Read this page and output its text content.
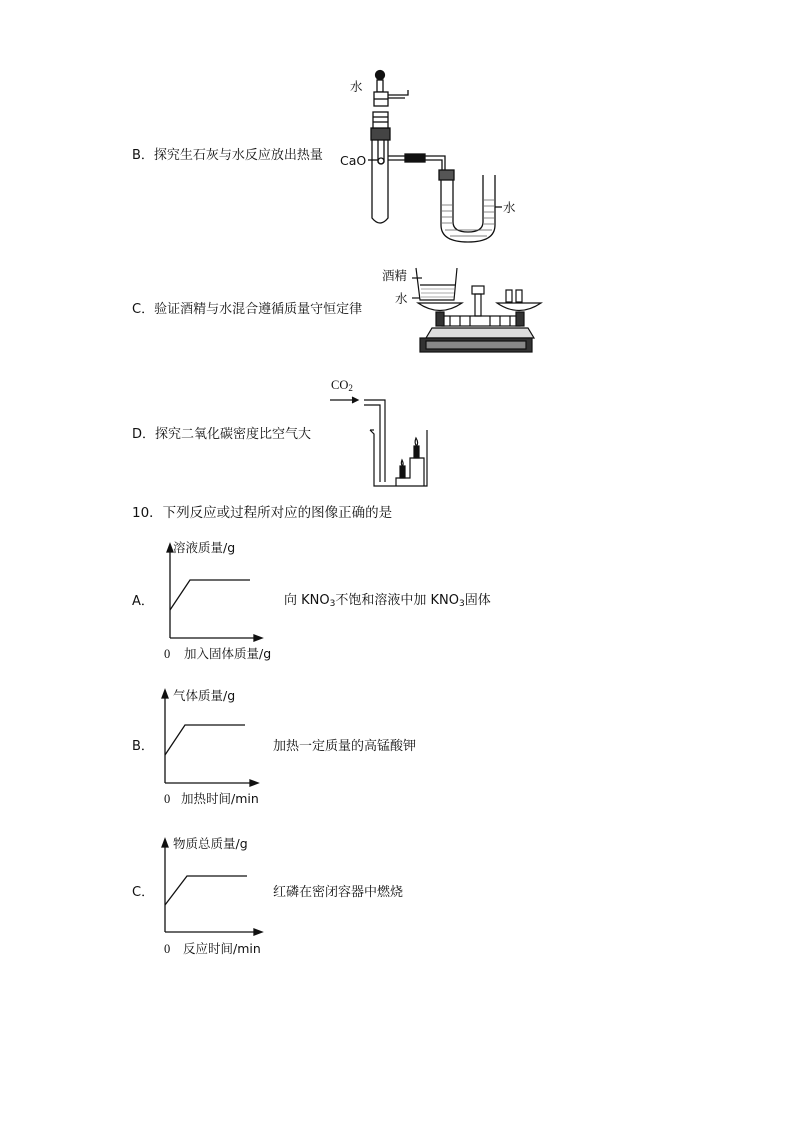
B．探究生石灰与水反应放出热量
水
CaO
水
C．验证酒精与水混合遵循质量守恒定律
酒精
水
D．探究二氧化碳密度比空气大
$CO_2$
10．下列反应或过程所对应的图像正确的是
A．
溶液质量/g
0 加入固体质量/g
向 $KNO_3$不饱和溶液中加 $KNO_3$固体
B．
气体质量/g
0 加热时间/min
加热一定质量的高锰酸钾
C．
物质总质量/g
0 反应时间/min
红磷在密闭容器中燃烧
